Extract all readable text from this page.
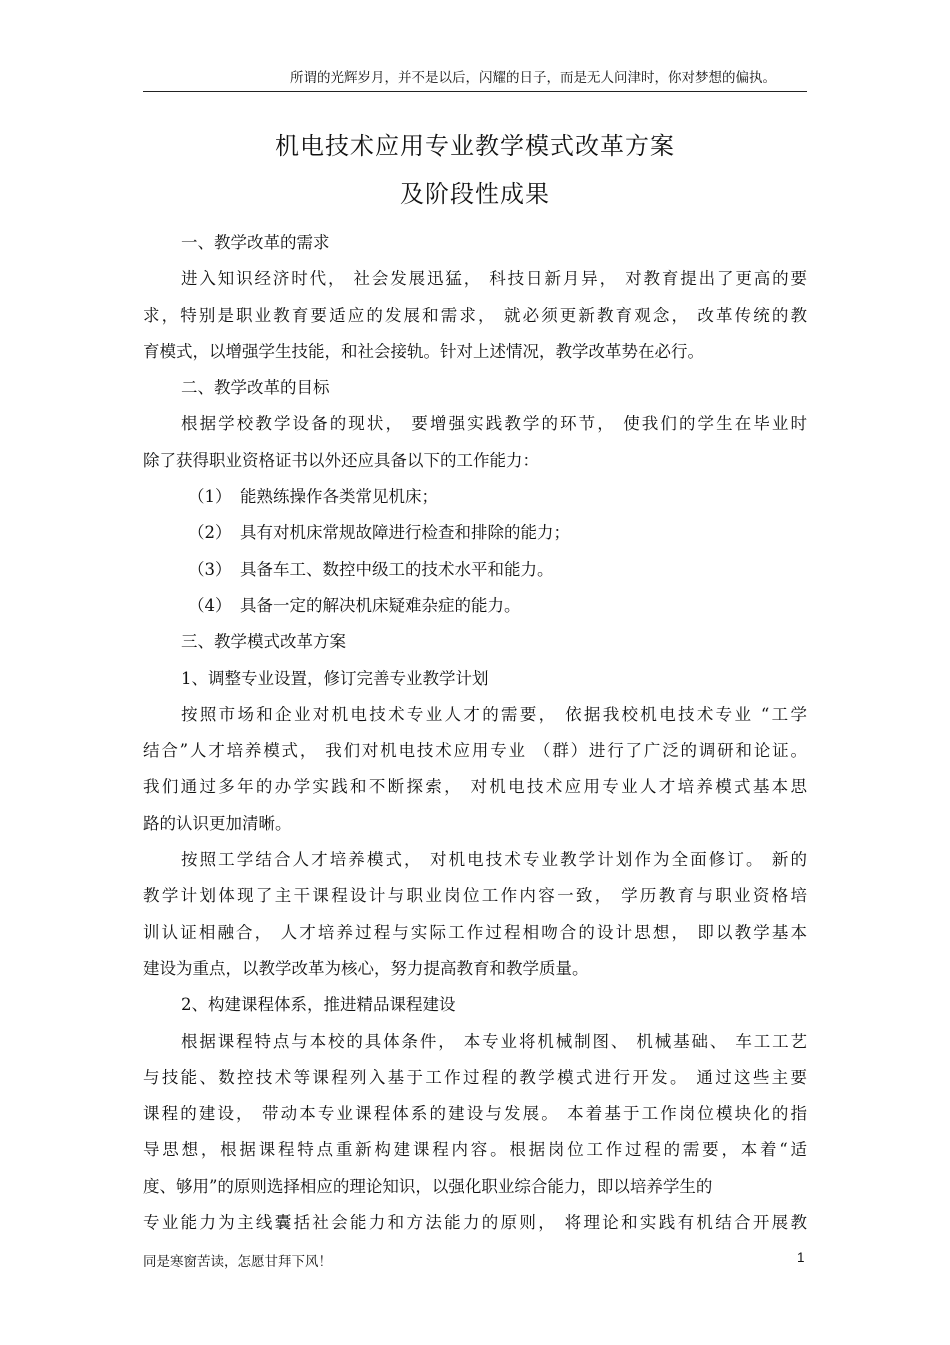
所谓的光辉岁月，并不是以后，闪耀的日子，而是无人问津时，你对梦想的偏执。
机电技术应用专业教学模式改革方案
及阶段性成果
一、教学改革的需求
进入知识经济时代， 社会发展迅猛， 科技日新月异， 对教育提出了更高的要
求，特别是职业教育要适应的发展和需求， 就必须更新教育观念， 改革传统的教
育模式，以增强学生技能，和社会接轨。针对上述情况，教学改革势在必行。
二、教学改革的目标
根据学校教学设备的现状， 要增强实践教学的环节， 使我们的学生在毕业时
除了获得职业资格证书以外还应具备以下的工作能力：
（1） 能熟练操作各类常见机床；
（2） 具有对机床常规故障进行检查和排除的能力；
（3） 具备车工、数控中级工的技术水平和能力。
（4） 具备一定的解决机床疑难杂症的能力。
三、教学模式改革方案
1、调整专业设置，修订完善专业教学计划
按照市场和企业对机电技术专业人才的需要， 依据我校机电技术专业 “工学
结合”人才培养模式， 我们对机电技术应用专业 （群）进行了广泛的调研和论证。
我们通过多年的办学实践和不断探索， 对机电技术应用专业人才培养模式基本思
路的认识更加清晰。
按照工学结合人才培养模式， 对机电技术专业教学计划作为全面修订。 新的
教学计划体现了主干课程设计与职业岗位工作内容一致， 学历教育与职业资格培
训认证相融合， 人才培养过程与实际工作过程相吻合的设计思想， 即以教学基本
建设为重点，以教学改革为核心，努力提高教育和教学质量。
2、构建课程体系，推进精品课程建设
根据课程特点与本校的具体条件， 本专业将机械制图、 机械基础、 车工工艺
与技能、数控技术等课程列入基于工作过程的教学模式进行开发。 通过这些主要
课程的建设， 带动本专业课程体系的建设与发展。 本着基于工作岗位模块化的指
导思想，根据课程特点重新构建课程内容。根据岗位工作过程的需要，本着“适
度、够用”的原则选择相应的理论知识，以强化职业综合能力，即以培养学生的
专业能力为主线囊括社会能力和方法能力的原则， 将理论和实践有机结合开展教
同是寒窗苦读，怎愿甘拜下风！	1
